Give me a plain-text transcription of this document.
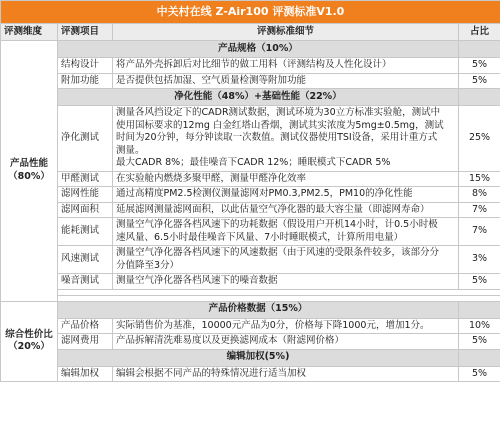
中关村在线 Z-Air100 评测标准V1.0			
评测维度	评测项目	评测标准细节	占比

产品性能
（80%）	产品规格（10%）		
	结构设计	将产品外壳拆卸后对比细节的做工用料（评测结构及人性化设计）	5%
	附加功能	是否提供包括加湿、空气质量检测等附加功能	5%
	净化性能（48%）+基础性能（22%）		
	净化测试	测量各风挡设定下的CADR测试数据，测试环境为30立方标准实验舱，测试中
使用国标要求的12mg 白金红塔山香烟，测试其实浓度为5mg±0.5mg，测试
时间为20分钟，每分钟读取一次数值。测试仪器使用TSI设备，采用计重方式
测量。
最大CADR 8%；最佳噪音下CADR 12%；睡眠模式下CADR 5%	25%
	甲醛测试	在实验舱内燃烧多聚甲醛，测量甲醛净化效率	15%
	滤网性能	通过高精度PM2.5检测仪测量滤网对PM0.3,PM2.5，PM10的净化性能	8%
	滤网面积	延展滤网测量滤网面积，以此估量空气净化器的最大容尘量（即滤网寿命）	7%
	能耗测试	测量空气净化器各档风速下的功耗数据（假设用户开机14小时，计0.5小时极
速风量、6.5小时最佳噪音下风量、7小时睡眠模式，计算所用电量）	7%
	风速测试	测量空气净化器各档风速下的风速数据（由于风速的受限条件较多，该部分分
分值降至3分）	3%
	噪音测试	测量空气净化器各档风速下的噪音数据	5%

综合性价比
（20%）	产品价格数据（15%）		
	产品价格	实际销售价为基准，10000元产品为0分，价格每下降1000元，增加1分。	10%
	滤网费用	产品拆解清洗难易度以及更换滤网成本（附滤网价格）	5%
	编辑加权(5%)		
	编辑加权	编辑会根据不同产品的特殊情况进行适当加权	5%
